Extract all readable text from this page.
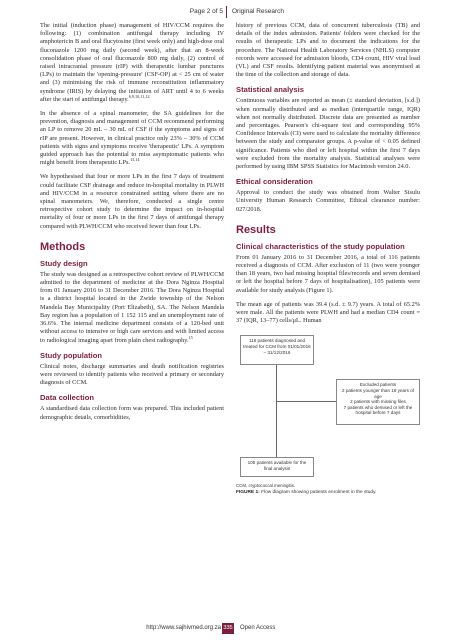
Page 2 of 5 Original Research

The initial (induction phase) management of HIV/CCM requires the following: (1) combination antifungal therapy including IV amphotericin B and oral flucytosine (first week only) and high-dose oral fluconazole 1200 mg daily (second week), after that an 8-week consolidation phase of oral fluconazole 800 mg daily, (2) control of raised intracranial pressure (rIP) with therapeutic lumbar punctures (LPs) to maintain the 'opening-pressure' (CSF-OP) at < 25 cm of water and (3) minimising the risk of immune reconstitution inflammatory syndrome (IRIS) by delaying the initiation of ART until 4 to 6 weeks after the start of antifungal therapy.$^{6,9,10,11,12}$

In the absence of a spinal manometer, the SA guidelines for the prevention, diagnosis and management of CCM recommend performing an LP to remove 20 mL – 30 mL of CSF if the symptoms and signs of rIP are present. However, in clinical practice only 23% – 30% of CCM patients with signs and symptoms receive 'therapeutic' LPs. A symptom guided approach has the potential to miss asymptomatic patients who might benefit from therapeutic LPs.$^{13,14}$

We hypothesised that four or more LPs in the first 7 days of treatment could facilitate CSF drainage and reduce in-hospital mortality in PLWH and HIV/CCM in a resource constrained setting where there are no spinal manometers. We, therefore, conducted a single centre retrospective cohort study to determine the impact on in-hospital mortality of four or more LPs in the first 7 days of antifungal therapy compared with PLWH/CCM who received fewer than four LPs.

Methods
Study design

The study was designed as a retrospective cohort review of PLWH/CCM admitted to the department of medicine at the Dora Nginza Hospital from 01 January 2016 to 31 December 2016. The Dora Nginza Hospital is a district hospital located in the Zwide township of the Nelson Mandela Bay Municipality (Port Elizabeth), SA. The Nelson Mandela Bay region has a population of 1 152 115 and an unemployment rate of 36.6%. The internal medicine department consists of a 120-bed unit without access to intensive or high care services and with limited access to radiological imaging apart from plain chest radiography.$^{15}$

Study population

Clinical notes, discharge summaries and death notification registries were reviewed to identify patients who received a primary or secondary diagnosis of CCM.

Data collection

A standardised data collection form was prepared. This included patient demographic details, comorbidities,

history of previous CCM, data of concurrent tuberculosis (TB) and details of the index admission. Patients' folders were checked for the results of therapeutic LPs and to document the indications for the procedure. The National Health Laboratory Services (NHLS) computer records were accessed for admission bloods, CD4 count, HIV viral load (VL) and CSF results. Identifying patient material was anonymised at the time of the collection and storage of data.

Statistical analysis

Continuous variables are reported as mean (± standard deviation, [s.d.]) when normally distributed and as median (interquartile range, IQR) when not normally distributed. Discrete data are presented as number and percentages. Pearson's chi-square test and corresponding 95% Confidence Intervals (CI) were used to calculate the mortality difference between the study and comparator groups. A p-value of < 0.05 defined significance. Patients who died or left hospital within the first 7 days were excluded from the mortality analysis. Statistical analyses were performed by using IBM SPSS Statistics for Macintosh version 24.0.

Ethical consideration

Approval to conduct the study was obtained from Walter Sisulu University Human Research Committee, Ethical clearance number: 027/2018.

Results
Clinical characteristics of the study population

From 01 January 2016 to 31 December 2016, a total of 116 patients received a diagnosis of CCM. After exclusion of 11 (two were younger than 18 years, two had missing hospital files/records and seven demised or left the hospital before 7 days of hospitalisation), 105 patients were available for study analysis (Figure 1).

The mean age of patients was 39.4 (s.d. ± 9.7) years. A total of 65.2% were male. All the patients were PLWH and had a median CD4 count = 37 (IQR, 13–77) cells/μL. Human

116 patients diagnosed and treated for CCM from 01/01/2016 – 31/12/2016
Excluded patients
2 patients younger than 18 years of age
2 patients with missing files
7 patients who demised or left the hospital before 7 days
105 patients available for the final analysis
CCM, cryptococcal meningitis.
FIGURE 1: Flow diagram showing patients enrolment in the study.
http://www.sajhivmed.org.za 335 Open Access
